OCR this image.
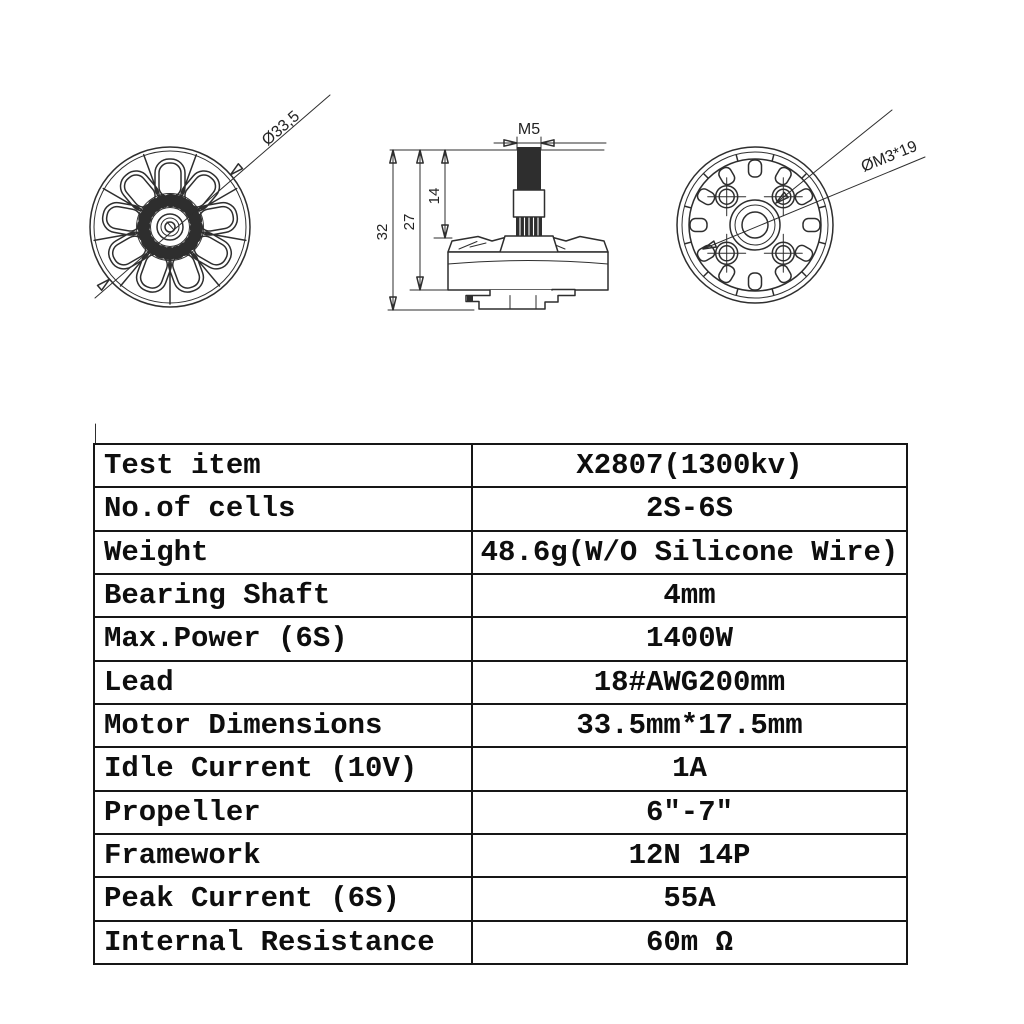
Ø33,5
32
27
14
M5
ØM3*19
Test item	X2807(1300kv)
No.of cells	2S-6S
Weight	48.6g(W/O Silicone Wire)
Bearing Shaft	4mm
Max.Power (6S)	1400W
Lead	18#AWG200mm
Motor Dimensions	33.5mm*17.5mm
Idle Current (10V)	1A
Propeller	6″-7″
Framework	12N 14P
Peak Current (6S)	55A
Internal Resistance	60m Ω
